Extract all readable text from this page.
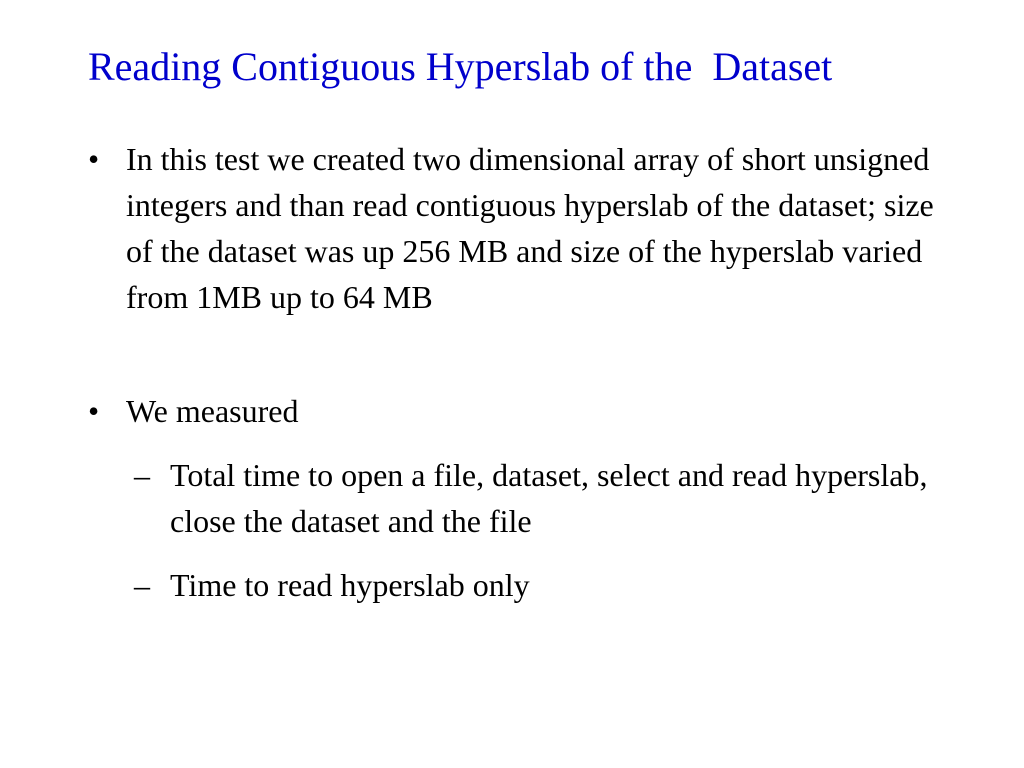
Reading Contiguous Hyperslab of the  Dataset
• In this test we created two dimensional array of short unsigned integers and than read contiguous hyperslab of the dataset; size of the dataset was up 256 MB and size of the hyperslab varied from 1MB up to 64 MB
• We measured
– Total time to open a file, dataset, select and read hyperslab, close the dataset and the file
– Time to read hyperslab only
